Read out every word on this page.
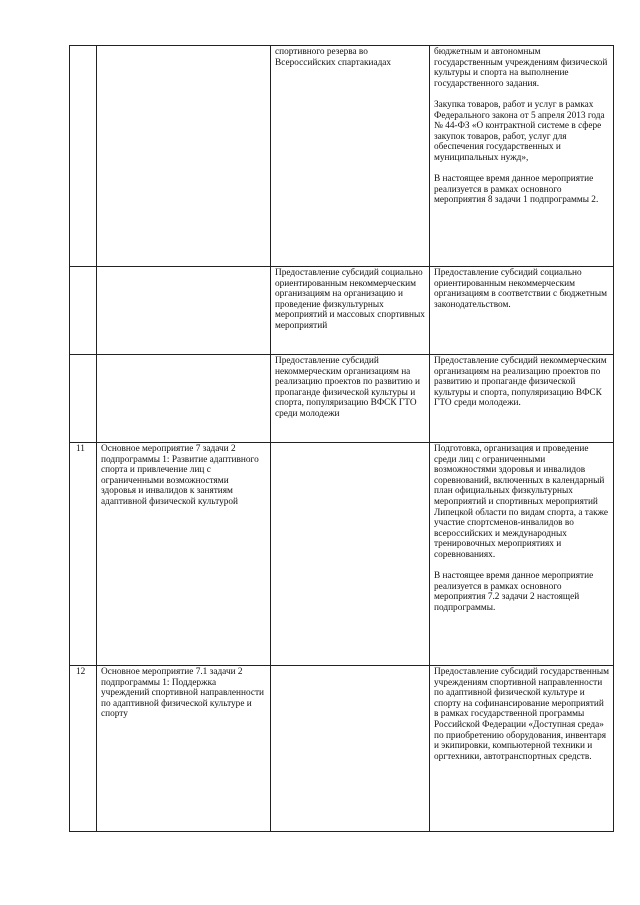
		спортивного резерва во Всероссийских спартакиадах	бюджетным и автономным государственным учреждениям физической культуры и спорта на выполнение государственного задания.

Закупка товаров, работ и услуг в рамках Федерального закона от 5 апреля 2013 года № 44-ФЗ «О контрактной системе в сфере закупок товаров, работ, услуг для обеспечения государственных и муниципальных нужд»,

В настоящее время данное мероприятие реализуется в рамках основного мероприятия 8 задачи 1 подпрограммы 2.

		Предоставление субсидий социально ориентированным некоммерческим организациям на организацию и проведение физкультурных мероприятий и массовых спортивных мероприятий	Предоставление субсидий социально ориентированным некоммерческим организациям в соответствии с бюджетным законодательством.

		Предоставление субсидий некоммерческим организациям на реализацию проектов по развитию и пропаганде физической культуры и спорта, популяризацию ВФСК ГТО среди молодежи	Предоставление субсидий некоммерческим организациям на реализацию проектов по развитию и пропаганде физической культуры и спорта, популяризацию ВФСК ГТО среди молодежи.

11	Основное мероприятие 7 задачи 2 подпрограммы 1: Развитие адаптивного спорта и привлечение лиц с ограниченными возможностями здоровья и инвалидов к занятиям адаптивной физической культурой		Подготовка, организация и проведение среди лиц с ограниченными возможностями здоровья и инвалидов соревнований, включенных в календарный план официальных физкультурных мероприятий и спортивных мероприятий Липецкой области по видам спорта, а также участие спортсменов-инвалидов во всероссийских и международных тренировочных мероприятиях и соревнованиях.

В настоящее время данное мероприятие реализуется в рамках основного мероприятия 7.2 задачи 2 настоящей подпрограммы.

12	Основное мероприятие 7.1 задачи 2 подпрограммы 1: Поддержка учреждений спортивной направленности по адаптивной физической культуре и спорту		Предоставление субсидий государственным учреждениям спортивной направленности по адаптивной физической культуре и спорту на софинансирование мероприятий в рамках государственной программы Российской Федерации «Доступная среда» по приобретению оборудования, инвентаря и экипировки, компьютерной техники и оргтехники, автотранспортных средств.
